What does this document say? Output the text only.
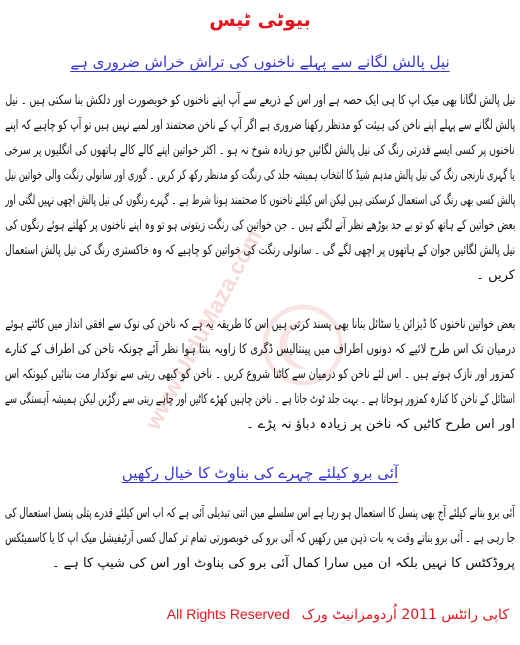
www.UrduMaza.com
بیوٹی ٹپس
نیل پالش لگانے سے پہلے ناخنوں کی تراش خراش ضروری ہے
نیل پالش لگانا بھی میک اپ کا ہی ایک حصہ ہے اور اس کے ذریعے سے آپ اپنے ناخنوں کو خوبصورت اور دلکش بنا سکتی ہیں ۔ نیل
پالش لگانے سے پہلے اپنے ناخن کی ہیئت کو مدنظر رکھنا ضروری ہے اگر آپ کے ناخن صحتمند اور لمبے نہیں ہیں تو آپ کو چاہیے کہ اپنے
ناخنوں پر کسی ایسے قدرتی رنگ کی نیل پالش لگائیں جو زیادہ شوخ نہ ہو ۔ اکثر خواتین اپنے کالے کالے ہاتھوں کی انگلیوں پر سرخی
یا گہری نارنجی رنگ کی نیل پالش مدہم شیڈ کا انتخاب ہمیشہ جلد کی رنگت کو مدنظر رکھ کر کریں ۔ گوری اور سانولی رنگت والی خواتین نیل
پالش کسی بھی رنگ کی استعمال کرسکتی ہیں لیکن اس کیلئے ناخنوں کا صحتمند ہونا شرط ہے ۔ گہرے رنگوں کی نیل پالش اچھی نہیں لگتی اور
بعض خواتین کے ہاتھ کو تو بے حد بوڑھے نظر آنے لگتے ہیں ۔ جن خواتین کی رنگت زیتونی ہو تو وہ اپنے ناخنوں پر کھلتے ہوئے رنگوں کی
نیل پالش لگائیں جوان کے ہاتھوں پر اچھی لگے گی ۔ سانولی رنگت کی خواتین کو چاہیے کہ وہ خاکستری رنگ کی نیل پالش استعمال
کریں ۔
بعض خواتین ناخنوں کا ڈیزائن یا سٹائل بنانا بھی پسند کرتی ہیں اس کا طریقہ یہ ہے کہ ناخن کی نوک سے افقی انداز میں کاٹتے ہوئے
درمیان تک اس طرح لائیے کہ دونوں اطراف میں پینتالیس ڈگری کا زاویہ بنتا ہوا نظر آئے چونکہ ناخن کی اطراف کے کنارے
کمزور اور نازک ہوتے ہیں ۔ اس لئے ناخن کو درمیان سے کاٹنا شروع کریں ۔ ناخن کو کبھی ریتی سے نوکدار مت بنائیں کیونکہ اس
اسٹائل کے ناخن کا کنارہ کمزور ہوجاتا ہے ۔ بہت جلد ٹوٹ جاتا ہے ۔ ناخن چاہیں کھڑے کاٹیں اور چاہے ریتی سے رگڑیں لیکن ہمیشہ آہستگی سے
اور اس طرح کاٹیں کہ ناخن پر زیادہ دباؤ نہ پڑے ۔
آئی برو کیلئے چہرے کی بناوٹ کا خیال رکھیں
آئی برو بنانے کیلئے آج بھی پنسل کا استعمال ہو رہا ہے اس سلسلے میں اتنی تبدیلی آئی ہے کہ اب اس کیلئے قدرے پتلی پنسل استعمال کی
جا رہی ہے ۔ آئی برو بناتے وقت یہ بات ذہن میں رکھیں کہ آئی برو کی خوبصورتی تمام تر کمال کسی آرٹیفیشل میک اپ کا یا کاسمیٹکس
پروڈکٹس کا نہیں بلکہ ان میں سارا کمال آئی برو کی بناوٹ اور اس کی شیپ کا ہے ۔
کاپی رائٹس 2011 اُردومزانیٹ ورکAll Rights Reserved
